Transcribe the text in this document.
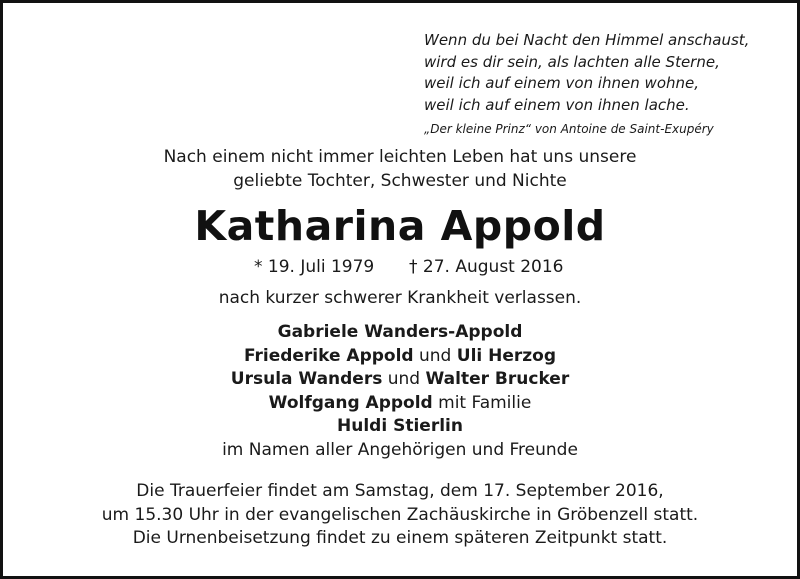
Wenn du bei Nacht den Himmel anschaust,
wird es dir sein, als lachten alle Sterne,
weil ich auf einem von ihnen wohne,
weil ich auf einem von ihnen lache.
„Der kleine Prinz“ von Antoine de Saint-Exupéry
Nach einem nicht immer leichten Leben hat uns unsere
geliebte Tochter, Schwester und Nichte
Katharina Appold
* 19. Juli 1979 † 27. August 2016
nach kurzer schwerer Krankheit verlassen.
Gabriele Wanders-Appold
Friederike Appold und Uli Herzog
Ursula Wanders und Walter Brucker
Wolfgang Appold mit Familie
Huldi Stierlin
im Namen aller Angehörigen und Freunde
Die Trauerfeier findet am Samstag, dem 17. September 2016,
um 15.30 Uhr in der evangelischen Zachäuskirche in Gröbenzell statt.
Die Urnenbeisetzung findet zu einem späteren Zeitpunkt statt.
